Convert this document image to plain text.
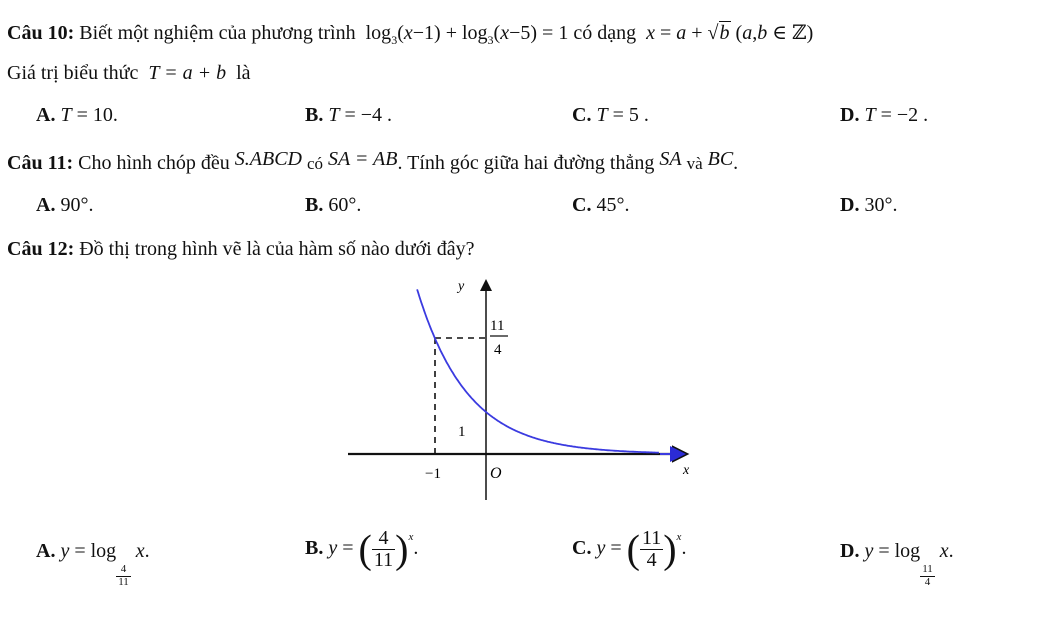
Câu 10: Biết một nghiệm của phương trình  $\log_3(x-1) + \log_3(x-5) = 1$ có dạng x = a + √b (a,b ∈ ℤ)
Giá trị biểu thức  T = a + b  là
A. T = 10.	B. T = −4 .	C. T = 5 .	D. T = −2 .
Câu 11: Cho hình chóp đều S.ABCD có SA = AB. Tính góc giữa hai đường thẳng SA và BC.
A. 90°.	B. 60°.	C. 45°.	D. 30°.
Câu 12: Đồ thị trong hình vẽ là của hàm số nào dưới đây?
y
x
O
1
−1
11
4
A. y = log
$\frac{4}{11}$
x.	B. y = ( $\frac{4}{11} )^x$.	C. y = ( $\frac{11}{4} )^x$.	D. y = log
$\frac{11}{4}$
x.
